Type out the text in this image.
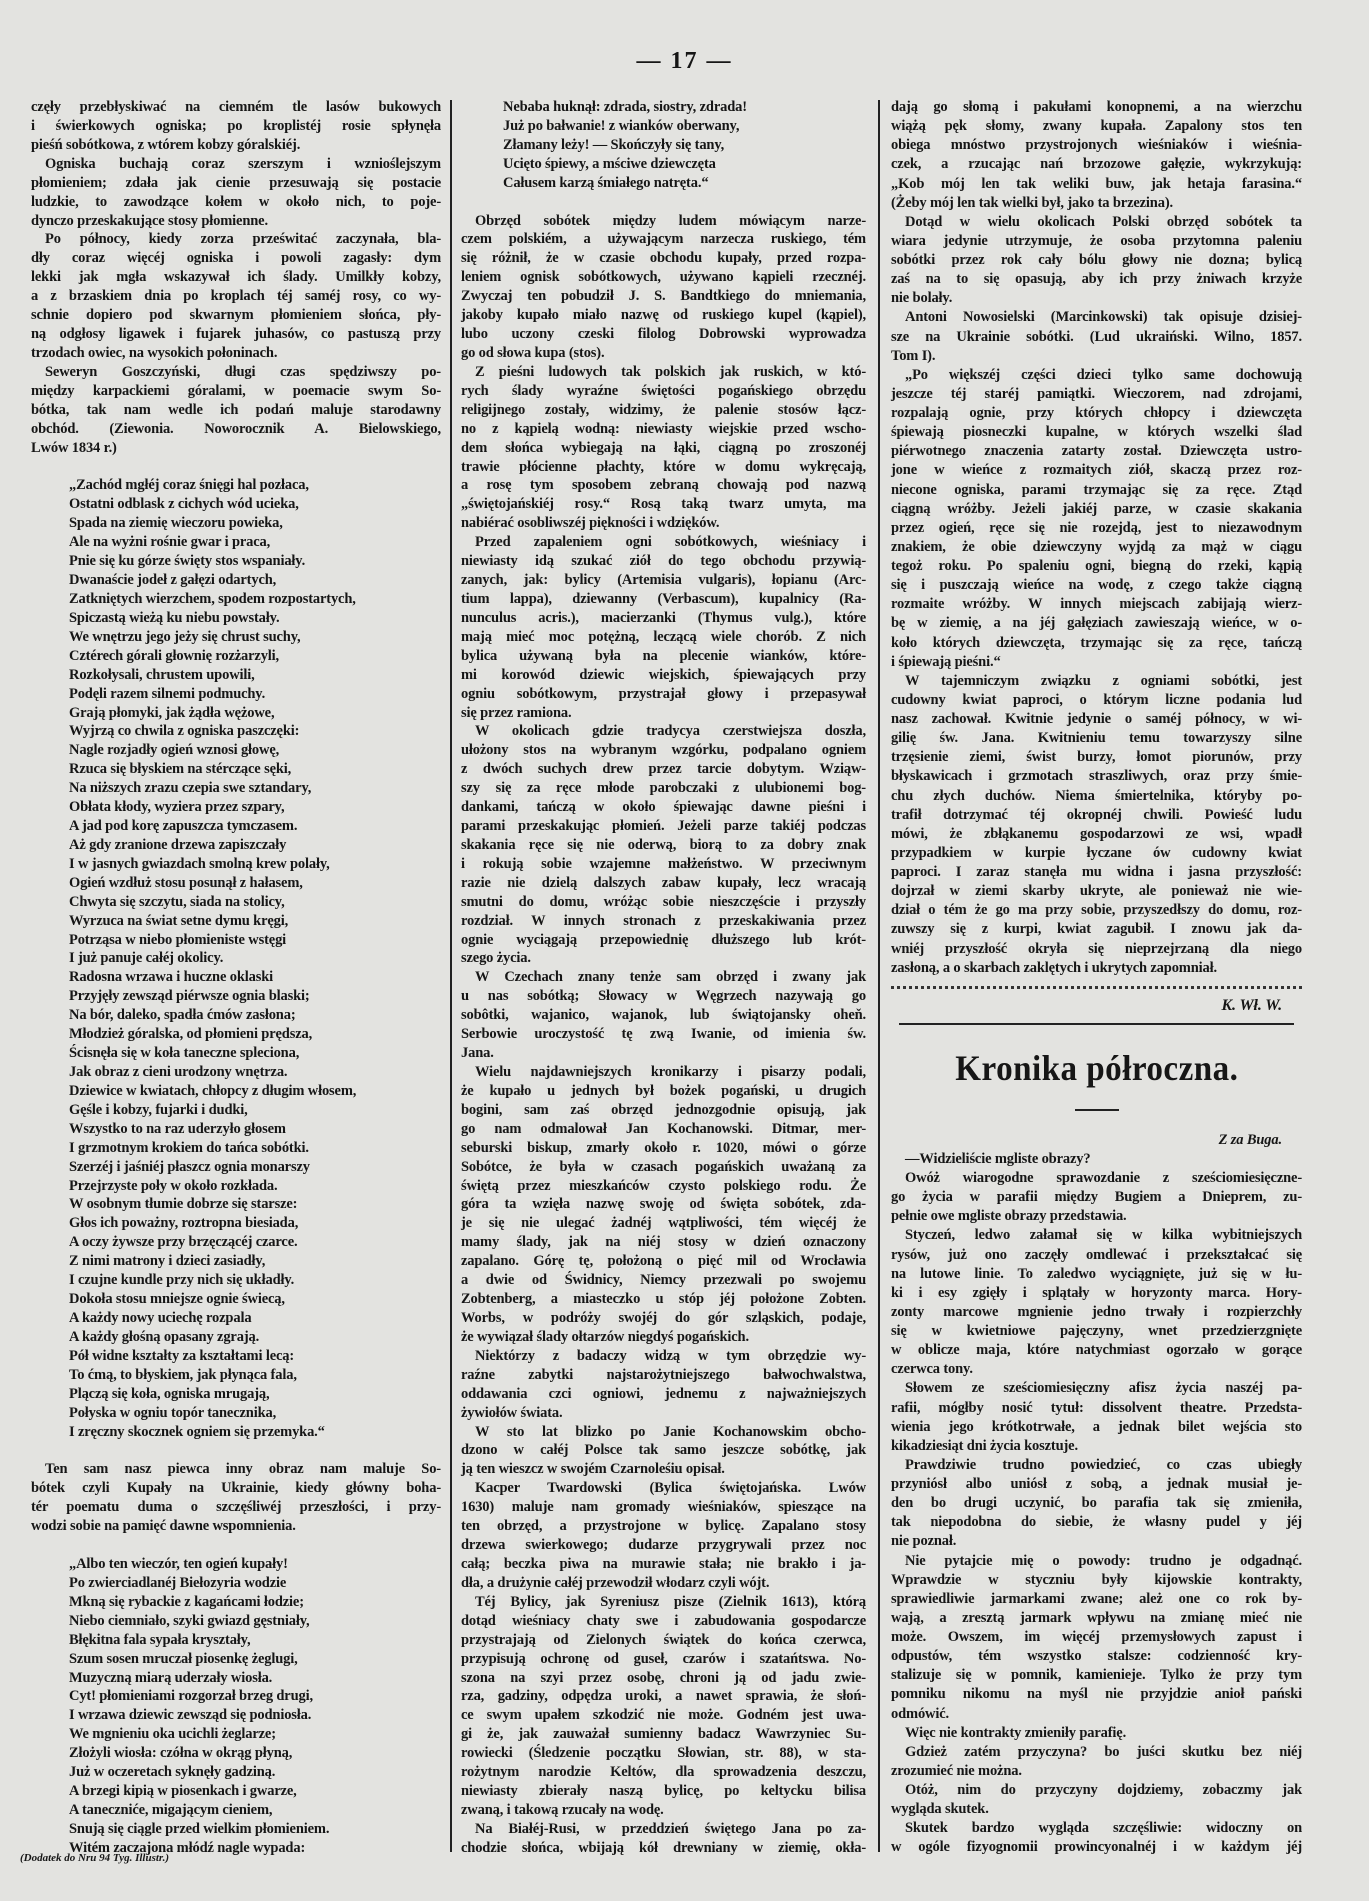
— 17 —
częły przebłyskiwać na ciemném tle lasów bukowych
i świerkowych ogniska; po kroplistéj rosie spłynęła
pieśń sobótkowa, z wtórem kobzy góralskiéj.
Ogniska buchają coraz szerszym i wznioślejszym
płomieniem; zdała jak cienie przesuwają się postacie
ludzkie, to zawodzące kołem w około nich, to poje-
dynczo przeskakujące stosy płomienne.
Po północy, kiedy zorza prześwitać zaczynała, bla-
dły coraz więcéj ogniska i powoli zagasły: dym
lekki jak mgła wskazywał ich ślady. Umilkły kobzy,
a z brzaskiem dnia po kroplach téj saméj rosy, co wy-
schnie dopiero pod skwarnym płomieniem słońca, pły-
ną odgłosy ligawek i fujarek juhasów, co pastuszą przy
trzodach owiec, na wysokich połoninach.
Seweryn Goszczyński, długi czas spędziwszy po-
między karpackiemi góralami, w poemacie swym So-
bótka, tak nam wedle ich podań maluje starodawny
obchód. (Ziewonia. Noworocznik A. Bielowskiego,
Lwów 1834 r.)
„Zachód mgłéj coraz śnięgi hal pozłaca,
Ostatni odblask z cichych wód ucieka,
Spada na ziemię wieczoru powieka,
Ale na wyżni rośnie gwar i praca,
Pnie się ku górze święty stos wspaniały.
Dwanaście jodeł z gałęzi odartych,
Zatkniętych wierzchem, spodem rozpostartych,
Spiczastą wieżą ku niebu powstały.
We wnętrzu jego jeży się chrust suchy,
Cztérech górali głownię rozżarzyli,
Rozkołysali, chrustem upowili,
Podęli razem silnemi podmuchy.
Grają płomyki, jak żądła wężowe,
Wyjrzą co chwila z ogniska paszczęki:
Nagle rozjadły ogień wznosi głowę,
Rzuca się błyskiem na stérczące sęki,
Na niższych zrazu czepia swe sztandary,
Obłata kłody, wyziera przez szpary,
A jad pod korę zapuszcza tymczasem.
Aż gdy zranione drzewa zapiszczały
I w jasnych gwiazdach smolną krew polały,
Ogień wzdłuż stosu posunął z hałasem,
Chwyta się szczytu, siada na stolicy,
Wyrzuca na świat setne dymu kręgi,
Potrząsa w niebo płomieniste wstęgi
I już panuje całéj okolicy.
Radosna wrzawa i huczne oklaski
Przyjęły zewsząd piérwsze ognia blaski;
Na bór, daleko, spadła ćmów zasłona;
Młodzież góralska, od płomieni prędsza,
Ścisnęła się w koła taneczne spleciona,
Jak obraz z cieni urodzony wnętrza.
Dziewice w kwiatach, chłopcy z długim włosem,
Gęśle i kobzy, fujarki i dudki,
Wszystko to na raz uderzyło głosem
I grzmotnym krokiem do tańca sobótki.
Szerzéj i jaśniéj płaszcz ognia monarszy
Przejrzyste poły w około rozkłada.
W osobnym tłumie dobrze się starsze:
Głos ich poważny, roztropna biesiada,
A oczy żywsze przy brzęczącéj czarce.
Z nimi matrony i dzieci zasiadły,
I czujne kundle przy nich się układły.
Dokoła stosu mniejsze ognie świecą,
A każdy nowy uciechę rozpala
A każdy głośną opasany zgrają.
Pół widne kształty za kształtami lecą:
To ćmą, to błyskiem, jak płynąca fala,
Plączą się koła, ogniska mrugają,
Połyska w ogniu topór tanecznika,
I zręczny skocznek ogniem się przemyka.“
Ten sam nasz piewca inny obraz nam maluje So-
bótek czyli Kupały na Ukrainie, kiedy główny boha-
tér poematu duma o szczęśliwéj przeszłości, i przy-
wodzi sobie na pamięć dawne wspomnienia.
„Albo ten wieczór, ten ogień kupały!
Po zwierciadlanéj Biełozyria wodzie
Mkną się rybackie z kagańcami łodzie;
Niebo ciemniało, szyki gwiazd gęstniały,
Błękitna fala sypała kryształy,
Szum sosen mruczał piosenkę żeglugi,
Muzyczną miarą uderzały wiosła.
Cyt! płomieniami rozgorzał brzeg drugi,
I wrzawa dziewic zewsząd się podniosła.
We mgnieniu oka ucichli żeglarze;
Złożyli wiosła: czółna w okrąg płyną,
Już w oczeretach syknęły gadziną.
A brzegi kipią w piosenkach i gwarze,
A taneczniće, migającym cieniem,
Snują się ciągle przed wielkim płomieniem.
Witém zaczajona młódź nagle wypada:
Nebaba huknął: zdrada, siostry, zdrada!
Już po bałwanie! z wianków oberwany,
Złamany leży! — Skończyły się tany,
Ucięto śpiewy, a mściwe dziewczęta
Całusem karzą śmiałego natręta.“
Obrzęd sobótek między ludem mówiącym narze-
czem polskiém, a używającym narzecza ruskiego, tém
się różnił, że w czasie obchodu kupały, przed rozpa-
leniem ognisk sobótkowych, używano kąpieli rzecznéj.
Zwyczaj ten pobudził J. S. Bandtkiego do mniemania,
jakoby kupało miało nazwę od ruskiego kupel (kąpiel),
lubo uczony czeski filolog Dobrowski wyprowadza
go od słowa kupa (stos).
Z pieśni ludowych tak polskich jak ruskich, w któ-
rych ślady wyraźne świętości pogańskiego obrzędu
religijnego zostały, widzimy, że palenie stosów łącz-
no z kąpielą wodną: niewiasty wiejskie przed wscho-
dem słońca wybiegają na łąki, ciągną po zroszonéj
trawie płócienne płachty, które w domu wykręcają,
a rosę tym sposobem zebraną chowają pod nazwą
„świętojańskiéj rosy.“ Rosą taką twarz umyta, ma
nabiérać osobliwszéj piękności i wdzięków.
Przed zapaleniem ogni sobótkowych, wieśniacy i
niewiasty idą szukać ziół do tego obchodu przywią-
zanych, jak: bylicy (Artemisia vulgaris), łopianu (Arc-
tium lappa), dziewanny (Verbascum), kupalnicy (Ra-
nunculus acris.), macierzanki (Thymus vulg.), które
mają mieć moc potężną, leczącą wiele chorób. Z nich
bylica używaną była na plecenie wianków, które-
mi korowód dziewic wiejskich, śpiewających przy
ogniu sobótkowym, przystrajał głowy i przepasywał
się przez ramiona.
W okolicach gdzie tradycya czerstwiejsza doszła,
ułożony stos na wybranym wzgórku, podpalano ogniem
z dwóch suchych drew przez tarcie dobytym. Wziąw-
szy się za ręce młode parobczaki z ulubionemi bog-
dankami, tańczą w około śpiewając dawne pieśni i
parami przeskakując płomień. Jeżeli parze takiéj podczas
skakania ręce się nie oderwą, biorą to za dobry znak
i rokują sobie wzajemne małżeństwo. W przeciwnym
razie nie dzielą dalszych zabaw kupały, lecz wracają
smutni do domu, wróżąc sobie nieszczęście i przyszły
rozdział. W innych stronach z przeskakiwania przez
ognie wyciągają przepowiednię dłuższego lub krót-
szego życia.
W Czechach znany tenże sam obrzęd i zwany jak
u nas sobótką; Słowacy w Węgrzech nazywają go
sobôtki, wajanico, wajanok, lub świątojansky oheň.
Serbowie uroczystość tę zwą Iwanie, od imienia św.
Jana.
Wielu najdawniejszych kronikarzy i pisarzy podali,
że kupało u jednych był bożek pogański, u drugich
bogini, sam zaś obrzęd jednozgodnie opisują, jak
go nam odmalował Jan Kochanowski. Ditmar, mer-
seburski biskup, zmarły około r. 1020, mówi o górze
Sobótce, że była w czasach pogańskich uważaną za
świętą przez mieszkańców czysto polskiego rodu. Że
góra ta wzięła nazwę swoję od święta sobótek, zda-
je się nie ulegać żadnéj wątpliwości, tém więcéj że
mamy ślady, jak na niéj stosy w dzień oznaczony
zapalano. Górę tę, położoną o pięć mil od Wrocławia
a dwie od Świdnicy, Niemcy przezwali po swojemu
Zobtenberg, a miasteczko u stóp jéj położone Zobten.
Worbs, w podróży swojéj do gór szląskich, podaje,
że wywiązał ślady ołtarzów niegdyś pogańskich.
Niektórzy z badaczy widzą w tym obrzędzie wy-
raźne zabytki najstarożytniejszego bałwochwalstwa,
oddawania czci ogniowi, jednemu z najważniejszych
żywiołów świata.
W sto lat blizko po Janie Kochanowskim obcho-
dzono w całéj Polsce tak samo jeszcze sobótkę, jak
ją ten wieszcz w swojém Czarnoleśiu opisał.
Kacper Twardowski (Bylica świętojańska. Lwów
1630) maluje nam gromady wieśniaków, spieszące na
ten obrzęd, a przystrojone w bylicę. Zapalano stosy
drzewa swierkowego; dudarze przygrywali przez noc
całą; beczka piwa na murawie stała; nie brakło i ja-
dła, a drużynie całéj przewodził włodarz czyli wójt.
Téj Bylicy, jak Syreniusz pisze (Zielnik 1613), którą
dotąd wieśniacy chaty swe i zabudowania gospodarcze
przystrajają od Zielonych świątek do końca czerwca,
przypisują ochronę od guseł, czarów i szatańtswa. No-
szona na szyi przez osobę, chroni ją od jadu zwie-
rza, gadziny, odpędza uroki, a nawet sprawia, że słoń-
ce swym upałem szkodzić nie może. Godném jest uwa-
gi że, jak zauważał sumienny badacz Wawrzyniec Su-
rowiecki (Śledzenie początku Słowian, str. 88), w sta-
rożytnym narodzie Keltów, dla sprowadzenia deszczu,
niewiasty zbierały naszą bylicę, po keltycku bilisa
zwaną, i takową rzucały na wodę.
Na Białéj-Rusi, w przeddzień świętego Jana po za-
chodzie słońca, wbijają kół drewniany w ziemię, okła-
dają go słomą i pakułami konopnemi, a na wierzchu
wiążą pęk słomy, zwany kupała. Zapalony stos ten
obiega mnóstwo przystrojonych wieśniaków i wieśnia-
czek, a rzucając nań brzozowe gałęzie, wykrzykują:
„Kob mój len tak weliki buw, jak hetaja farasina.“
(Żeby mój len tak wielki był, jako ta brzezina).
Dotąd w wielu okolicach Polski obrzęd sobótek ta
wiara jedynie utrzymuje, że osoba przytomna paleniu
sobótki przez rok cały bólu głowy nie dozna; bylicą
zaś na to się opasują, aby ich przy żniwach krzyże
nie bolały.
Antoni Nowosielski (Marcinkowski) tak opisuje dzisiej-
sze na Ukrainie sobótki. (Lud ukraiński. Wilno, 1857.
Tom I).
„Po większéj części dzieci tylko same dochowują
jeszcze téj staréj pamiątki. Wieczorem, nad zdrojami,
rozpalają ognie, przy których chłopcy i dziewczęta
śpiewają piosneczki kupalne, w których wszelki ślad
piérwotnego znaczenia zatarty został. Dziewczęta ustro-
jone w wieńce z rozmaitych ziół, skaczą przez roz-
niecone ogniska, parami trzymając się za ręce. Ztąd
ciągną wróżby. Jeżeli jakiéj parze, w czasie skakania
przez ogień, ręce się nie rozejdą, jest to niezawodnym
znakiem, że obie dziewczyny wyjdą za mąż w ciągu
tegoż roku. Po spaleniu ogni, biegną do rzeki, kąpią
się i puszczają wieńce na wodę, z czego także ciągną
rozmaite wróżby. W innych miejscach zabijają wierz-
bę w ziemię, a na jéj gałęziach zawieszają wieńce, w o-
koło których dziewczęta, trzymając się za ręce, tańczą
i śpiewają pieśni.“
W tajemniczym związku z ogniami sobótki, jest
cudowny kwiat paproci, o którym liczne podania lud
nasz zachował. Kwitnie jedynie o saméj północy, w wi-
gilię św. Jana. Kwitnieniu temu towarzyszy silne
trzęsienie ziemi, świst burzy, łomot piorunów, przy
błyskawicach i grzmotach straszliwych, oraz przy śmie-
chu złych duchów. Niema śmiertelnika, któryby po-
trafił dotrzymać téj okropnéj chwili. Powieść ludu
mówi, że zbłąkanemu gospodarzowi ze wsi, wpadł
przypadkiem w kurpie łyczane ów cudowny kwiat
paproci. I zaraz stanęła mu widna i jasna przyszłość:
dojrzał w ziemi skarby ukryte, ale ponieważ nie wie-
dział o tém że go ma przy sobie, przyszedłszy do domu, roz-
zuwszy się z kurpi, kwiat zagubił. I znowu jak da-
wniéj przyszłość okryła się nieprzejrzaną dla niego
zasłoną, a o skarbach zaklętych i ukrytych zapomniał.
K. Wł. W.
Kronika półroczna.
Z za Buga.
—Widzieliście mgliste obrazy?
Owóż wiarogodne sprawozdanie z sześciomiesięczne-
go życia w parafii między Bugiem a Dnieprem, zu-
pełnie owe mgliste obrazy przedstawia.
Styczeń, ledwo załamał się w kilka wybitniejszych
rysów, już ono zaczęły omdlewać i przekształcać się
na lutowe linie. To zaledwo wyciągnięte, już się w łu-
ki i esy zgięły i splątały w horyzonty marca. Hory-
zonty marcowe mgnienie jedno trwały i rozpierzchły
się w kwietniowe pajęczyny, wnet przedzierzgnięte
w oblicze maja, które natychmiast ogorzało w gorące
czerwca tony.
Słowem ze sześciomiesięczny afisz życia naszéj pa-
rafii, mógłby nosić tytuł: dissolvent theatre. Przedsta-
wienia jego krótkotrwałe, a jednak bilet wejścia sto
kikadziesiąt dni życia kosztuje.
Prawdziwie trudno powiedzieć, co czas ubiegły
przyniósł albo uniósł z sobą, a jednak musiał je-
den bo drugi uczynić, bo parafia tak się zmieniła,
tak niepodobna do siebie, że własny pudel y jéj
nie poznał.
Nie pytajcie mię o powody: trudno je odgadnąć.
Wprawdzie w styczniu były kijowskie kontrakty,
sprawiedliwie jarmarkami zwane; ależ one co rok by-
wają, a zresztą jarmark wpływu na zmianę mieć nie
może. Owszem, im więcéj przemysłowych zapust i
odpustów, tém wszystko stalsze: codzienność kry-
stalizuje się w pomnik, kamienieje. Tylko że przy tym
pomniku nikomu na myśl nie przyjdzie anioł pański
odmówić.
Więc nie kontrakty zmieniły parafię.
Gdzież zatém przyczyna? bo juści skutku bez niéj
zrozumieć nie można.
Otóż, nim do przyczyny dojdziemy, zobaczmy jak
wygląda skutek.
Skutek bardzo wygląda szczęśliwie: widoczny on
w ogóle fizyognomii prowincyonalnéj i w każdym jéj
(Dodatek do Nru 94 Tyg. Illustr.)
